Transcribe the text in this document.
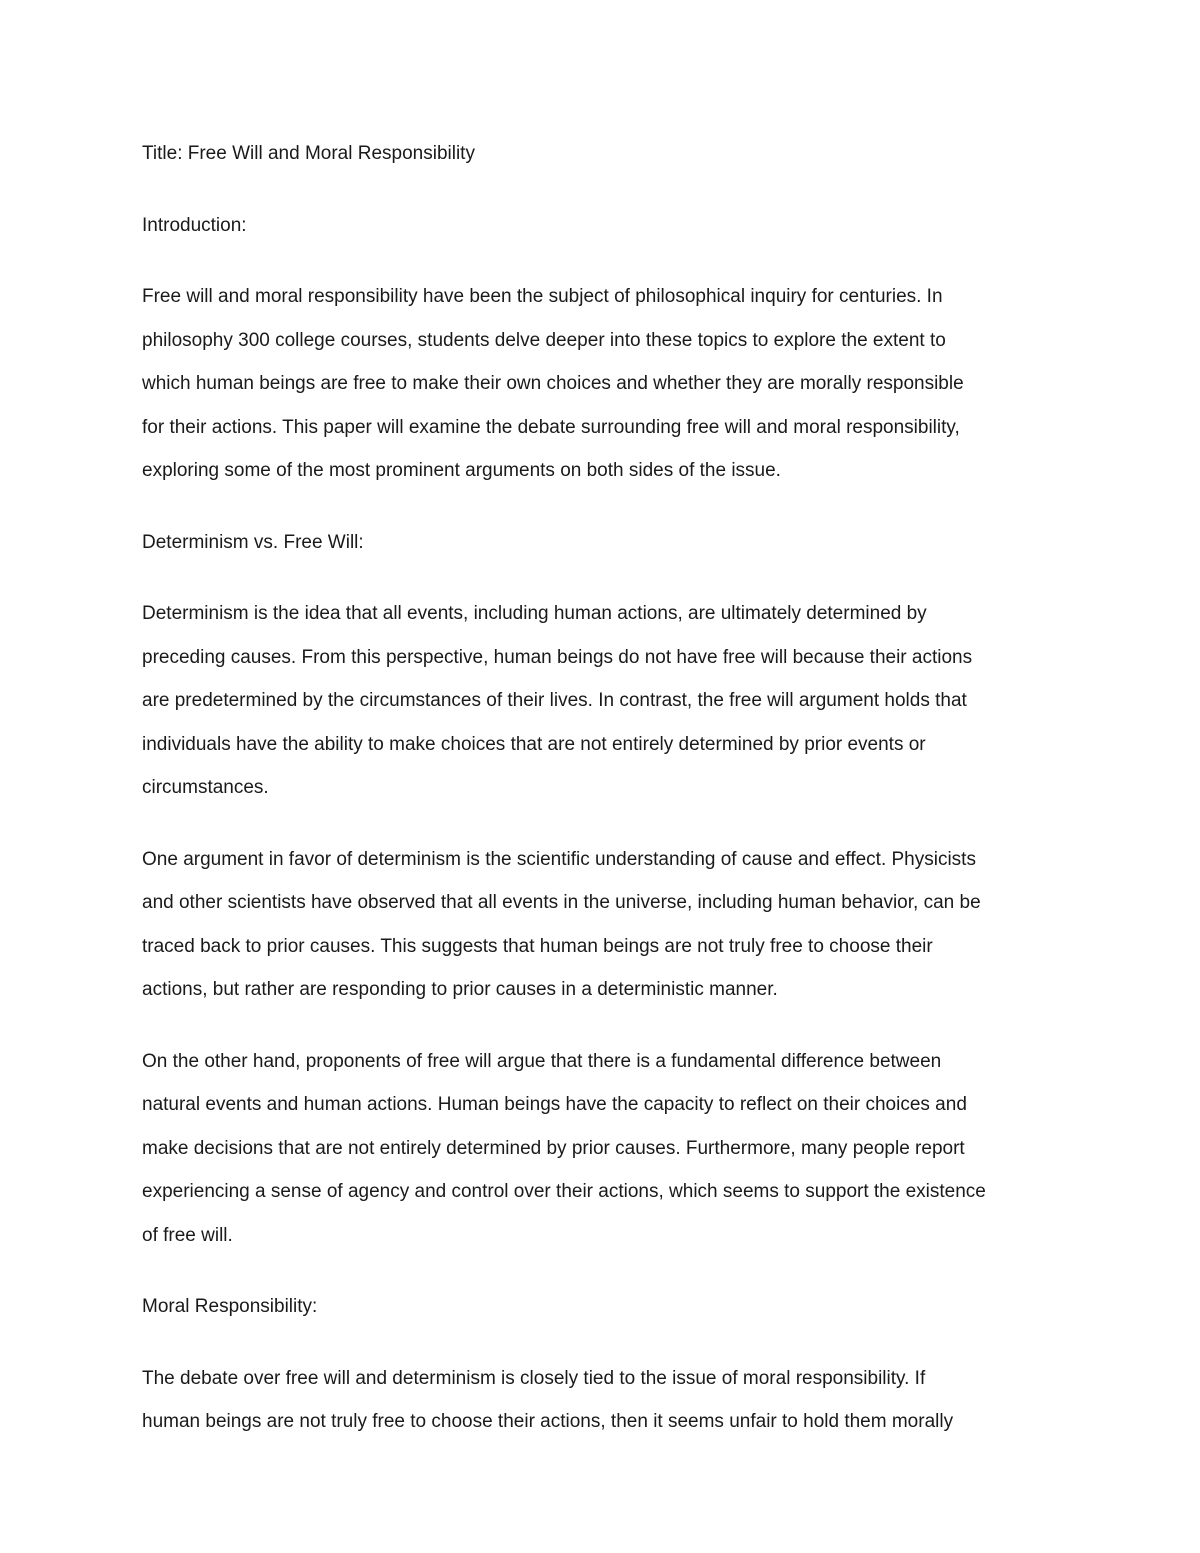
Title: Free Will and Moral Responsibility
Introduction:
Free will and moral responsibility have been the subject of philosophical inquiry for centuries. In
philosophy 300 college courses, students delve deeper into these topics to explore the extent to
which human beings are free to make their own choices and whether they are morally responsible
for their actions. This paper will examine the debate surrounding free will and moral responsibility,
exploring some of the most prominent arguments on both sides of the issue.
Determinism vs. Free Will:
Determinism is the idea that all events, including human actions, are ultimately determined by
preceding causes. From this perspective, human beings do not have free will because their actions
are predetermined by the circumstances of their lives. In contrast, the free will argument holds that
individuals have the ability to make choices that are not entirely determined by prior events or
circumstances.
One argument in favor of determinism is the scientific understanding of cause and effect. Physicists
and other scientists have observed that all events in the universe, including human behavior, can be
traced back to prior causes. This suggests that human beings are not truly free to choose their
actions, but rather are responding to prior causes in a deterministic manner.
On the other hand, proponents of free will argue that there is a fundamental difference between
natural events and human actions. Human beings have the capacity to reflect on their choices and
make decisions that are not entirely determined by prior causes. Furthermore, many people report
experiencing a sense of agency and control over their actions, which seems to support the existence
of free will.
Moral Responsibility:
The debate over free will and determinism is closely tied to the issue of moral responsibility. If
human beings are not truly free to choose their actions, then it seems unfair to hold them morally
